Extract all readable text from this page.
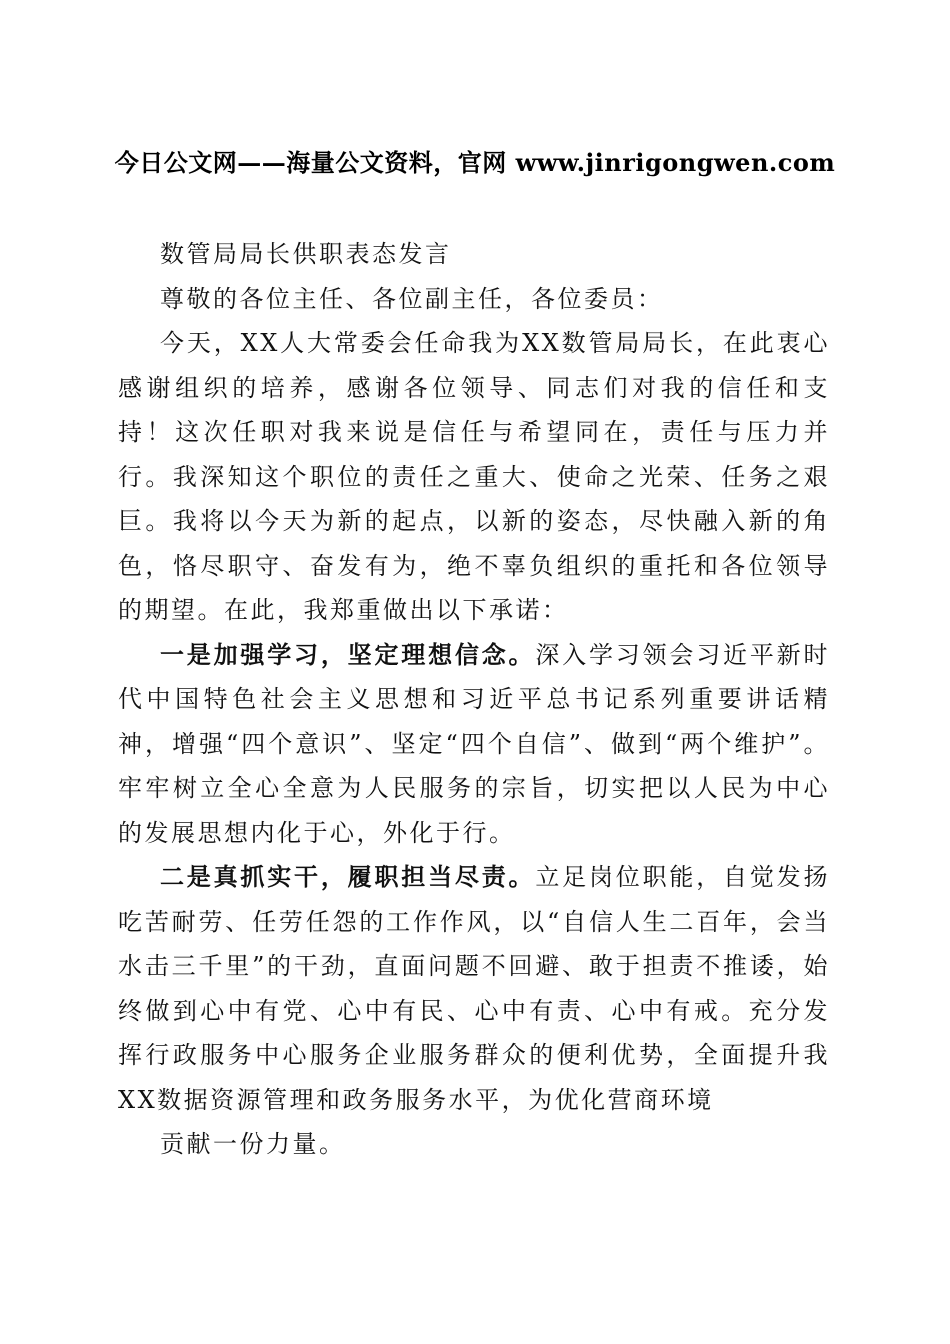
今日公文网——海量公文资料，官网 www.jinrigongwen.com

数管局局长供职表态发言

尊敬的各位主任、各位副主任，各位委员：

今天，XX人大常委会任命我为XX数管局局长，在此衷心感谢组织的培养，感谢各位领导、同志们对我的信任和支持！这次任职对我来说是信任与希望同在，责任与压力并行。我深知这个职位的责任之重大、使命之光荣、任务之艰巨。我将以今天为新的起点，以新的姿态，尽快融入新的角色，恪尽职守、奋发有为，绝不辜负组织的重托和各位领导的期望。在此，我郑重做出以下承诺：

一是加强学习，坚定理想信念。深入学习领会习近平新时代中国特色社会主义思想和习近平总书记系列重要讲话精神，增强“四个意识”、坚定“四个自信”、做到“两个维护”。牢牢树立全心全意为人民服务的宗旨，切实把以人民为中心的发展思想内化于心，外化于行。

二是真抓实干，履职担当尽责。立足岗位职能，自觉发扬吃苦耐劳、任劳任怨的工作作风，以“自信人生二百年，会当水击三千里”的干劲，直面问题不回避、敢于担责不推诿，始终做到心中有党、心中有民、心中有责、心中有戒。充分发挥行政服务中心服务企业服务群众的便利优势，全面提升我XX数据资源管理和政务服务水平，为优化营商环境

贡献一份力量。
